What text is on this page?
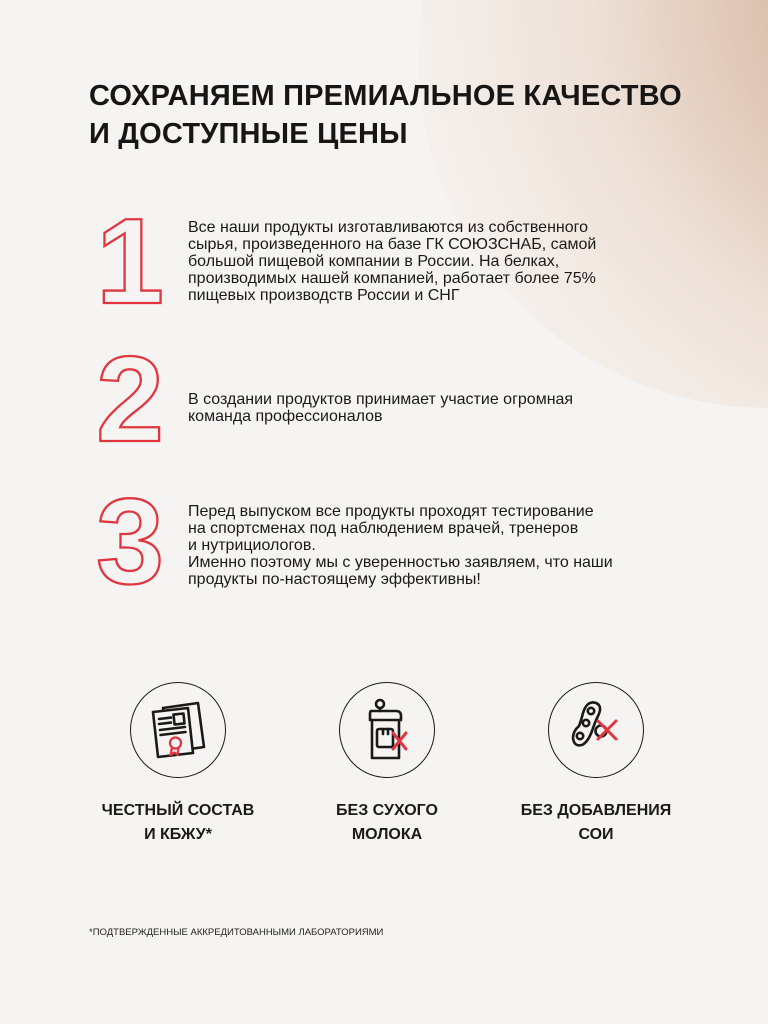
СОХРАНЯЕМ ПРЕМИАЛЬНОЕ КАЧЕСТВО
И ДОСТУПНЫЕ ЦЕНЫ
1 Все наши продукты изготавливаются из собственного
сырья, произведенного на базе ГК СОЮЗСНАБ, самой
большой пищевой компании в России. На белках,
производимых нашей компанией, работает более 75%
пищевых производств России и СНГ

2 В создании продуктов принимает участие огромная
команда профессионалов

3 Перед выпуском все продукты проходят тестирование
на спортсменах под наблюдением врачей, тренеров
и нутрициологов.
Именно поэтому мы с уверенностью заявляем, что наши
продукты по-настоящему эффективны!

ЧЕСТНЫЙ СОСТАВ
И КБЖУ*

БЕЗ СУХОГО
МОЛОКА

БЕЗ ДОБАВЛЕНИЯ
СОИ

*ПОДТВЕРЖДЕННЫЕ АККРЕДИТОВАННЫМИ ЛАБОРАТОРИЯМИ
